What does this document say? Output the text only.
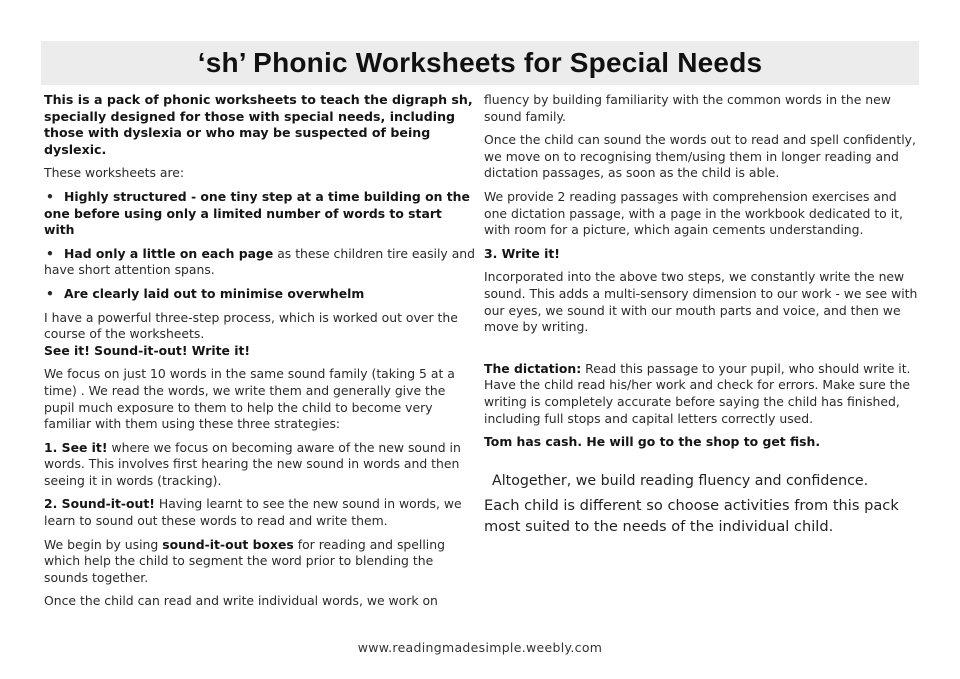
‘sh’ Phonic Worksheets for Special Needs

This is a pack of phonic worksheets to teach the digraph sh, specially designed for those with special needs, including those with dyslexia or who may be suspected of being dyslexic.

These worksheets are:

• Highly structured - one tiny step at a time building on the one before using only a limited number of words to start with
• Had only a little on each page as these children tire easily and have short attention spans.
• Are clearly laid out to minimise overwhelm

I have a powerful three-step process, which is worked out over the course of the worksheets.

See it! Sound-it-out! Write it!

We focus on just 10 words in the same sound family (taking 5 at a time) . We read the words, we write them and generally give the pupil much exposure to them to help the child to become very familiar with them using these three strategies:

1. See it! where we focus on becoming aware of the new sound in words. This involves first hearing the new sound in words and then seeing it in words (tracking).

2. Sound-it-out! Having learnt to see the new sound in words, we learn to sound out these words to read and write them.

We begin by using sound-it-out boxes for reading and spelling which help the child to segment the word prior to blending the sounds together.

Once the child can read and write individual words, we work on

fluency by building familiarity with the common words in the new sound family.

Once the child can sound the words out to read and spell confidently, we move on to recognising them/using them in longer reading and dictation passages, as soon as the child is able.

We provide 2 reading passages with comprehension exercises and one dictation passage, with a page in the workbook dedicated to it, with room for a picture, which again cements understanding.

3. Write it!

Incorporated into the above two steps, we constantly write the new sound. This adds a multi-sensory dimension to our work - we see with our eyes, we sound it with our mouth parts and voice, and then we move by writing.

The dictation: Read this passage to your pupil, who should write it. Have the child read his/her work and check for errors. Make sure the writing is completely accurate before saying the child has finished, including full stops and capital letters correctly used.

Tom has cash. He will go to the shop to get fish.

Altogether, we build reading fluency and confidence.

Each child is different so choose activities from this pack most suited to the needs of the individual child.

www.readingmadesimple.weebly.com
